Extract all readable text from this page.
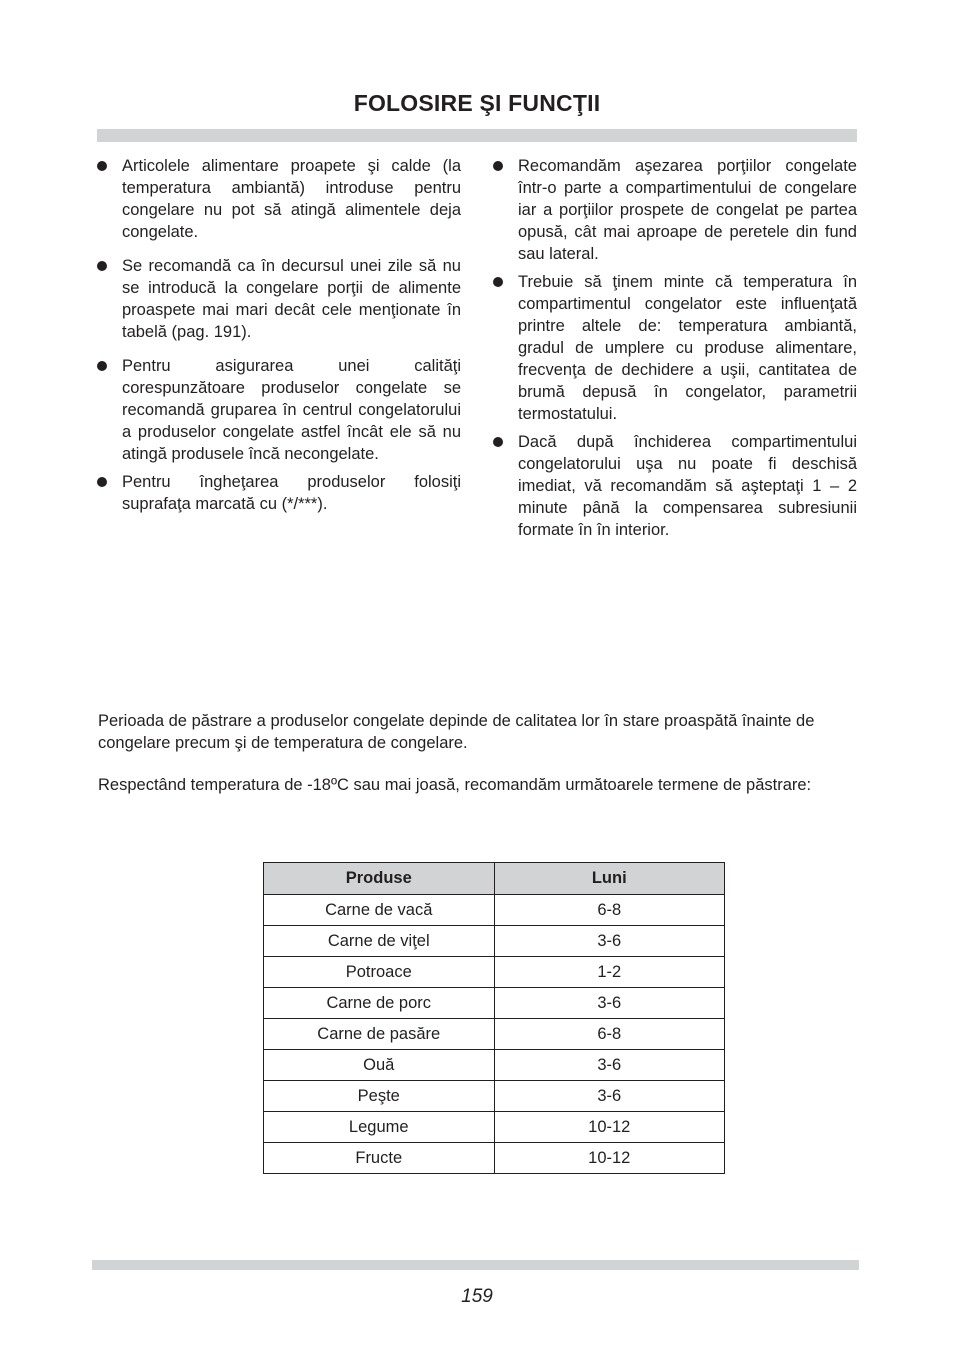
FOLOSIRE ŞI FUNCŢII
Articolele alimentare proapete şi calde (la temperatura ambiantă) introduse pentru congelare nu pot să atingă alimentele deja congelate.
Se recomandă ca în decursul unei zile să nu se introducă la congelare porţii de alimente proaspete mai mari decât cele menţionate în tabelă (pag. 191).
Pentru asigurarea unei calităţi corespunzătoare produselor congelate se recomandă gruparea în centrul congelatorului a produselor congelate astfel încât ele să nu atingă produsele încă necongelate.
Pentru îngheţarea produselor folosiţi suprafaţa marcată cu (*/***).
Recomandăm aşezarea porţiilor congelate într-o parte a compartimentului de congelare iar a porţiilor prospete de congelat pe partea opusă, cât mai aproape de peretele din fund sau lateral.
Trebuie să ţinem minte că temperatura în compartimentul congelator este influenţată printre altele de: temperatura ambiantă, gradul de umplere cu produse alimentare, frecvenţa de dechidere a uşii, cantitatea de brumă depusă în congelator, parametrii termostatului.
Dacă după închiderea compartimentului congelatorului uşa nu poate fi deschisă imediat, vă recomandăm să aşteptaţi 1 – 2 minute până la compensarea subresiunii formate în în interior.
Perioada de păstrare a produselor congelate depinde de calitatea lor în stare proaspătă înainte de congelare precum şi de temperatura de congelare.
Respectând temperatura de -18ºC sau mai joasă, recomandăm următoarele termene de păstrare:
Produse	Luni
Carne de vacă	6-8
Carne de viţel	3-6
Potroace	1-2
Carne de porc	3-6
Carne de pasăre	6-8
Ouă	3-6
Peşte	3-6
Legume	10-12
Fructe	10-12
159
